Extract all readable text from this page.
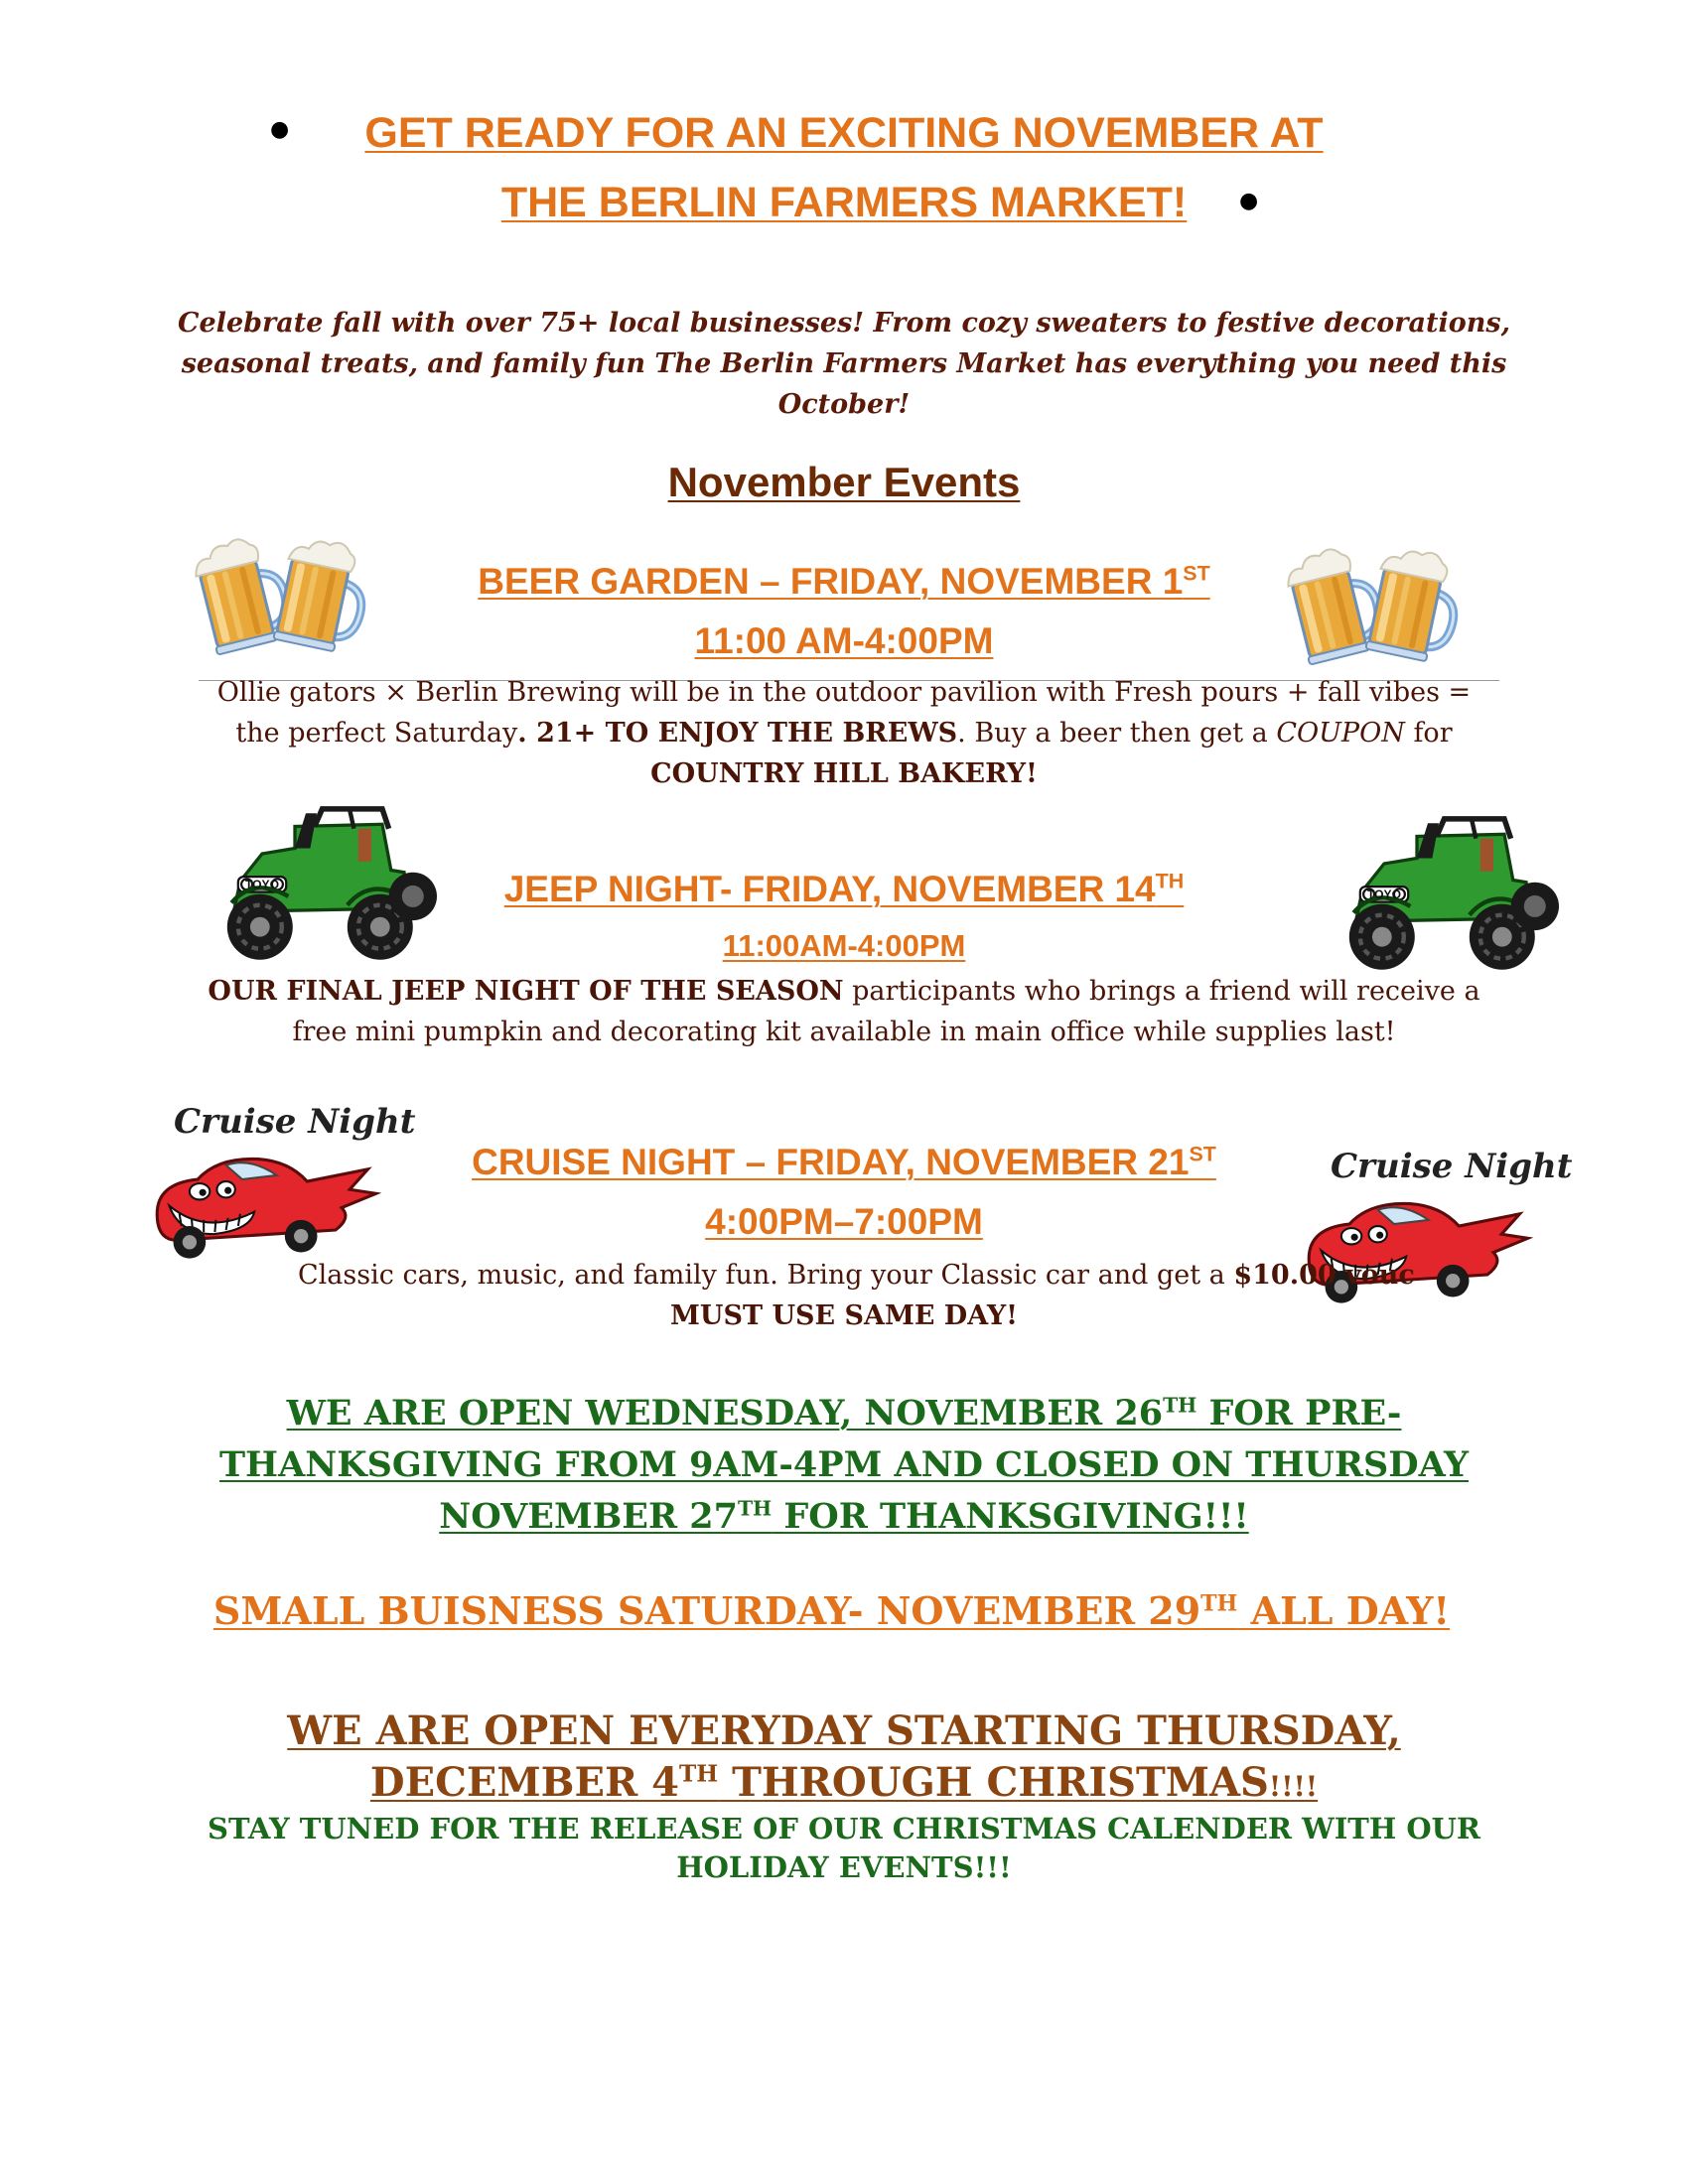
●	GET READY FOR AN EXCITING NOVEMBER AT
THE BERLIN FARMERS MARKET!	●
Celebrate fall with over 75+ local businesses! From cozy sweaters to festive decorations,
seasonal treats, and family fun The Berlin Farmers Market has everything you need this
October!
November Events
BEER GARDEN – FRIDAY, NOVEMBER 1ST
11:00 AM-4:00PM
Ollie gators × Berlin Brewing will be in the outdoor pavilion with Fresh pours + fall vibes =
the perfect Saturday. 21+ TO ENJOY THE BREWS. Buy a beer then get a COUPON for
COUNTRY HILL BAKERY!
TOYO
TOYO
JEEP NIGHT- FRIDAY, NOVEMBER 14TH
11:00AM-4:00PM
OUR FINAL JEEP NIGHT OF THE SEASON participants who brings a friend will receive a
free mini pumpkin and decorating kit available in main office while supplies last!
Cruise Night
Cruise Night
CRUISE NIGHT – FRIDAY, NOVEMBER 21ST
4:00PM–7:00PM
Classic cars, music, and family fun. Bring your Classic car and get a $10.00 vouc
MUST USE SAME DAY!
WE ARE OPEN WEDNESDAY, NOVEMBER 26TH FOR PRE-
THANKSGIVING FROM 9AM-4PM AND CLOSED ON THURSDAY
NOVEMBER 27TH FOR THANKSGIVING!!!
SMALL BUISNESS SATURDAY- NOVEMBER 29TH ALL DAY!
WE ARE OPEN EVERYDAY STARTING THURSDAY,
DECEMBER 4TH THROUGH CHRISTMAS!!!!
STAY TUNED FOR THE RELEASE OF OUR CHRISTMAS CALENDER WITH OUR
HOLIDAY EVENTS!!!
